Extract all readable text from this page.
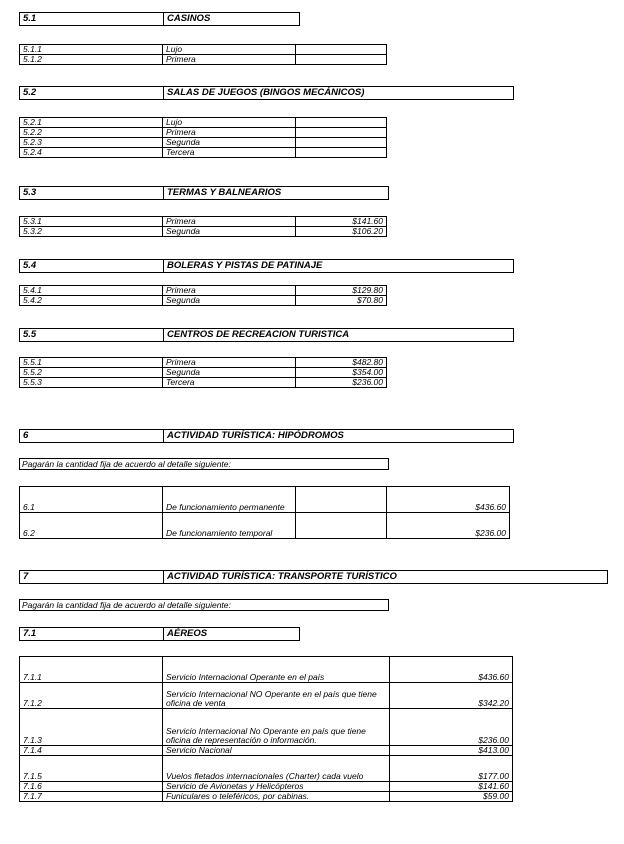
5.1	CASINOS
5.1.1	Lujo	
5.1.2	Primera	
5.2	SALAS DE JUEGOS (BINGOS MECÁNICOS)
5.2.1	Lujo	
5.2.2	Primera	
5.2.3	Segunda	
5.2.4	Tercera	
5.3	TERMAS Y BALNEARIOS
5.3.1	Primera	$141.60
5.3.2	Segunda	$106.20
5.4	BOLERAS Y PISTAS DE PATINAJE
5.4.1	Primera	$129.80
5.4.2	Segunda	$70.80
5.5	CENTROS DE RECREACION TURISTICA
5.5.1	Primera	$482.80
5.5.2	Segunda	$354.00
5.5.3	Tercera	$236.00
6	ACTIVIDAD TURÍSTICA: HIPÓDROMOS
Pagarán la cantidad fija de acuerdo al detalle siguiente:
6.1	De funcionamiento permanente		$436.60
6.2	De funcionamiento temporal		$236.00
7	ACTIVIDAD TURÍSTICA: TRANSPORTE TURÍSTICO
Pagarán la cantidad fija de acuerdo al detalle siguiente:
7.1	AÉREOS
7.1.1	Servicio Internacional Operante en el país	$436.60
7.1.2	Servicio Internacional NO Operante en el país que tiene oficina de venta	$342.20
7.1.3	Servicio Internacional No Operante en país que tiene oficina de representación o información.	$236.00
7.1.4	Servicio Nacional	$413.00
7.1.5	Vuelos fletados internacionales (Charter) cada vuelo	$177.00
7.1.6	Servicio de Avionetas y Helicópteros	$141.60
7.1.7	Funiculares o teleféricos, por cabinas.	$59.00
